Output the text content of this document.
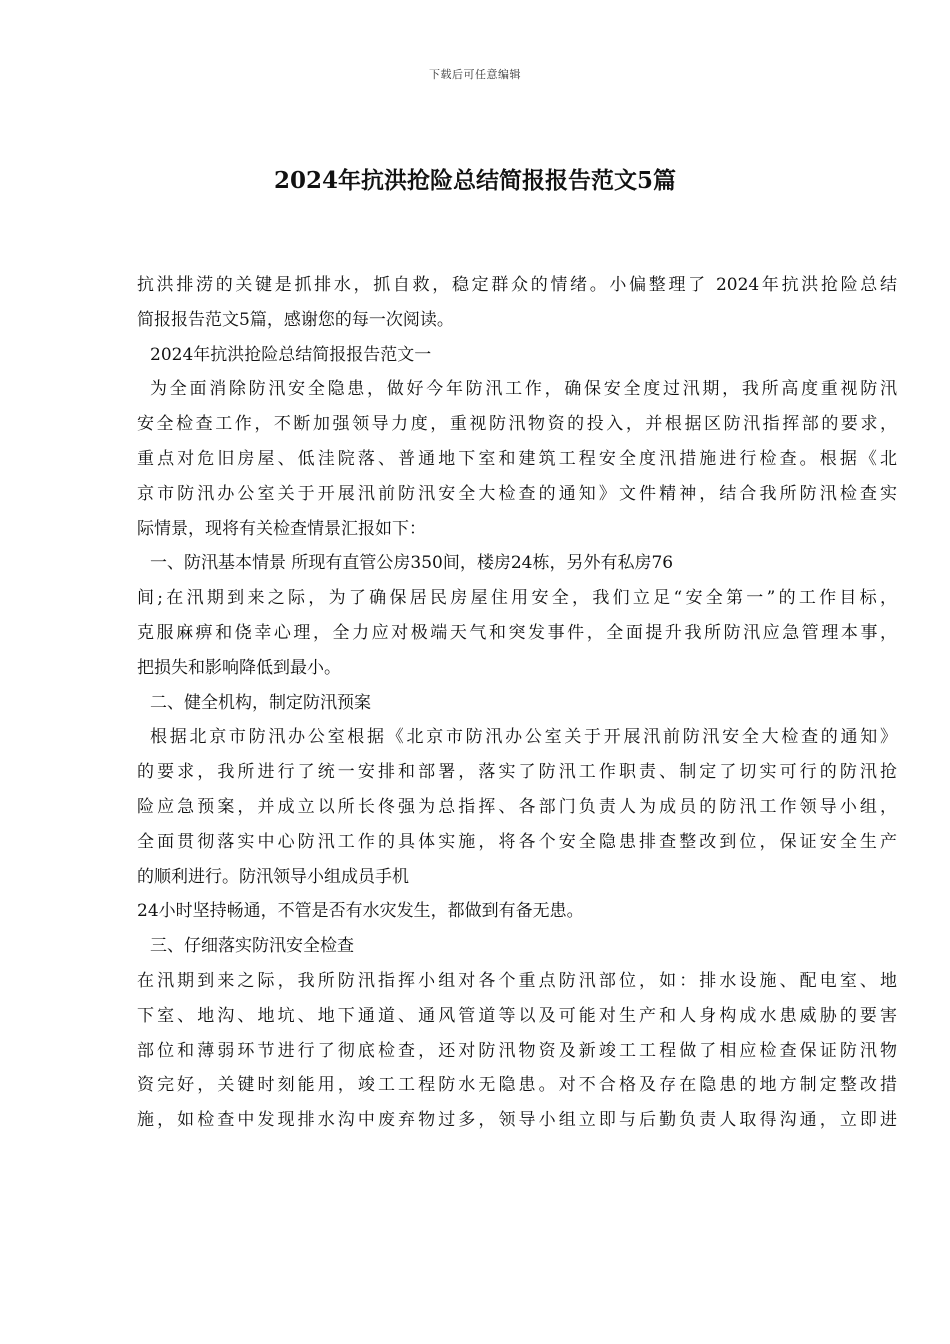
下载后可任意编辑
2024年抗洪抢险总结简报报告范文5篇
抗洪排涝的关键是抓排水，抓自救，稳定群众的情绪。小偏整理了 2024年抗洪抢险总结
简报报告范文5篇，感谢您的每一次阅读。
2024年抗洪抢险总结简报报告范文一
为全面消除防汛安全隐患，做好今年防汛工作，确保安全度过汛期，我所高度重视防汛
安全检查工作，不断加强领导力度，重视防汛物资的投入，并根据区防汛指挥部的要求，
重点对危旧房屋、低洼院落、普通地下室和建筑工程安全度汛措施进行检查。根据《北
京市防汛办公室关于开展汛前防汛安全大检查的通知》文件精神，结合我所防汛检查实
际情景，现将有关检查情景汇报如下：
一、防汛基本情景 所现有直管公房350间，楼房24栋，另外有私房76
间;在汛期到来之际，为了确保居民房屋住用安全，我们立足“安全第一”的工作目标，
克服麻痹和侥幸心理，全力应对极端天气和突发事件，全面提升我所防汛应急管理本事，
把损失和影响降低到最小。
二、健全机构，制定防汛预案
根据北京市防汛办公室根据《北京市防汛办公室关于开展汛前防汛安全大检查的通知》
的要求，我所进行了统一安排和部署，落实了防汛工作职责、制定了切实可行的防汛抢
险应急预案，并成立以所长佟强为总指挥、各部门负责人为成员的防汛工作领导小组，
全面贯彻落实中心防汛工作的具体实施，将各个安全隐患排查整改到位，保证安全生产
的顺利进行。防汛领导小组成员手机
24小时坚持畅通，不管是否有水灾发生，都做到有备无患。
三、仔细落实防汛安全检查
在汛期到来之际，我所防汛指挥小组对各个重点防汛部位，如：排水设施、配电室、地
下室、地沟、地坑、地下通道、通风管道等以及可能对生产和人身构成水患威胁的要害
部位和薄弱环节进行了彻底检查，还对防汛物资及新竣工工程做了相应检查保证防汛物
资完好，关键时刻能用，竣工工程防水无隐患。对不合格及存在隐患的地方制定整改措
施，如检查中发现排水沟中废弃物过多，领导小组立即与后勤负责人取得沟通，立即进
